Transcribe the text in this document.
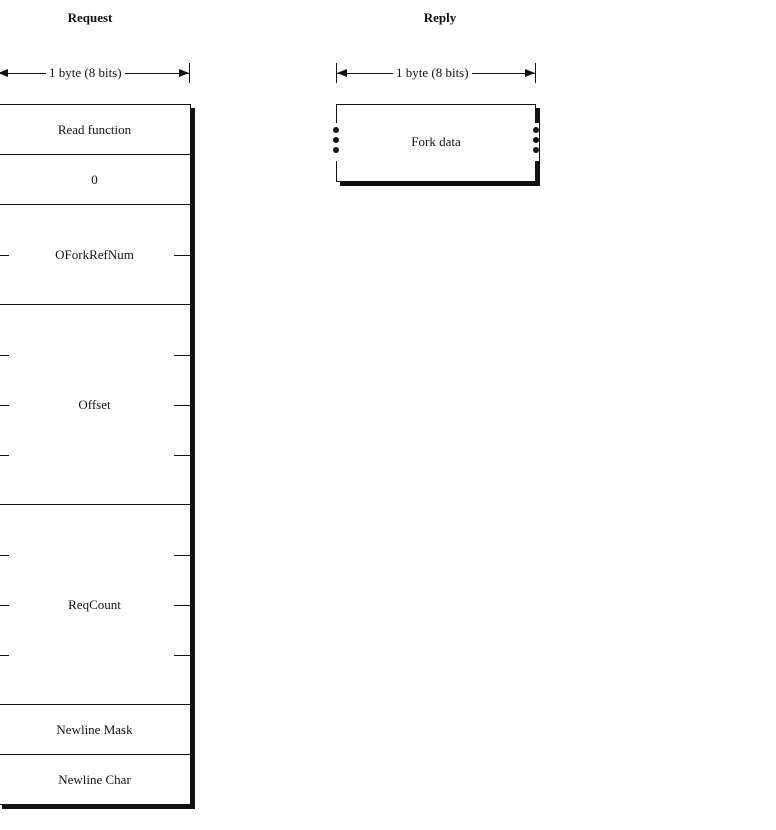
Request	Reply
1 byte (8 bits)	1 byte (8 bits)
Read function
0
OForkRefNum
Offset
ReqCount
Newline Mask
Newline Char
Fork data
